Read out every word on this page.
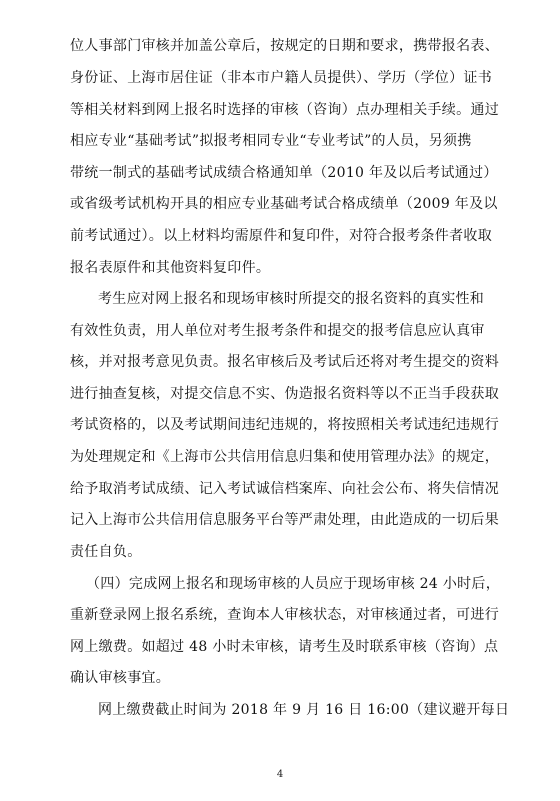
位人事部门审核并加盖公章后，按规定的日期和要求，携带报名表、
身份证、上海市居住证（非本市户籍人员提供）、学历（学位）证书
等相关材料到网上报名时选择的审核（咨询）点办理相关手续。通过
相应专业“基础考试”拟报考相同专业“专业考试”的人员，另须携
带统一制式的基础考试成绩合格通知单（2010 年及以后考试通过）
或省级考试机构开具的相应专业基础考试合格成绩单（2009 年及以
前考试通过）。以上材料均需原件和复印件，对符合报考条件者收取
报名表原件和其他资料复印件。
考生应对网上报名和现场审核时所提交的报名资料的真实性和
有效性负责，用人单位对考生报考条件和提交的报考信息应认真审
核，并对报考意见负责。报名审核后及考试后还将对考生提交的资料
进行抽查复核，对提交信息不实、伪造报名资料等以不正当手段获取
考试资格的，以及考试期间违纪违规的，将按照相关考试违纪违规行
为处理规定和《上海市公共信用信息归集和使用管理办法》的规定，
给予取消考试成绩、记入考试诚信档案库、向社会公布、将失信情况
记入上海市公共信用信息服务平台等严肃处理，由此造成的一切后果
责任自负。
（四）完成网上报名和现场审核的人员应于现场审核 24 小时后，
重新登录网上报名系统，查询本人审核状态，对审核通过者，可进行
网上缴费。如超过 48 小时未审核，请考生及时联系审核（咨询）点
确认审核事宜。
网上缴费截止时间为 2018 年 9 月 16 日 16:00（建议避开每日
4
